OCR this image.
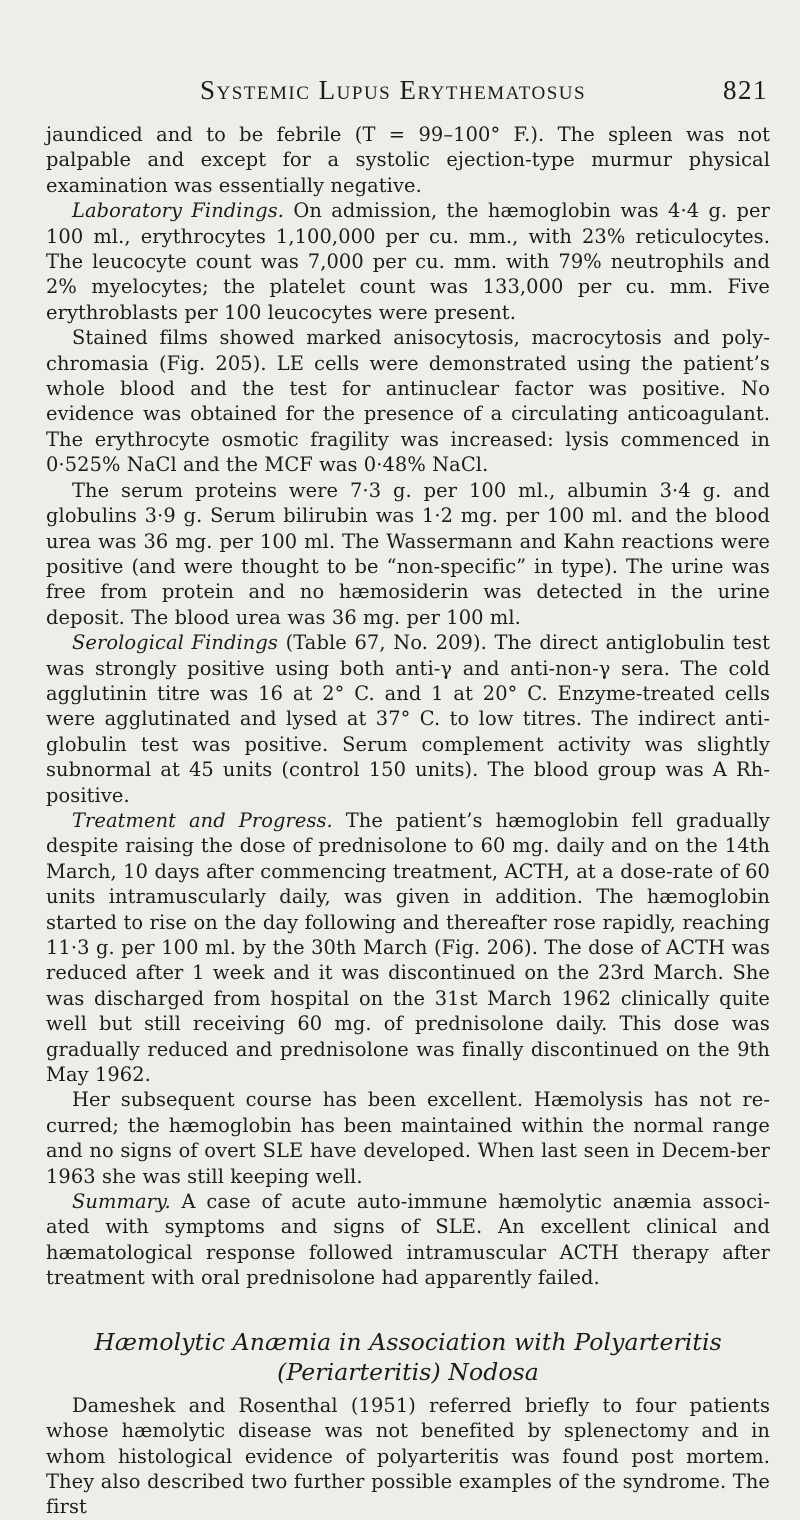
Systemic Lupus Erythematosus	821

jaundiced and to be febrile (T = 99–100° F.). The spleen was not palpable and except for a systolic ejection-type murmur physical examination was essentially negative.

Laboratory Findings. On admission, the hæmoglobin was 4·4 g. per 100 ml., erythrocytes 1,100,000 per cu. mm., with 23% reticulocytes. The leucocyte count was 7,000 per cu. mm. with 79% neutrophils and 2% myelocytes; the platelet count was 133,000 per cu. mm. Five erythroblasts per 100 leucocytes were present.

Stained films showed marked anisocytosis, macrocytosis and poly-chromasia (Fig. 205). LE cells were demonstrated using the patient’s whole blood and the test for antinuclear factor was positive. No evidence was obtained for the presence of a circulating anticoagulant. The erythrocyte osmotic fragility was increased: lysis commenced in 0·525% NaCl and the MCF was 0·48% NaCl.

The serum proteins were 7·3 g. per 100 ml., albumin 3·4 g. and globulins 3·9 g. Serum bilirubin was 1·2 mg. per 100 ml. and the blood urea was 36 mg. per 100 ml. The Wassermann and Kahn reactions were positive (and were thought to be “non-specific” in type). The urine was free from protein and no hæmosiderin was detected in the urine deposit. The blood urea was 36 mg. per 100 ml.

Serological Findings (Table 67, No. 209). The direct antiglobulin test was strongly positive using both anti-γ and anti-non-γ sera. The cold agglutinin titre was 16 at 2° C. and 1 at 20° C. Enzyme-treated cells were agglutinated and lysed at 37° C. to low titres. The indirect anti-globulin test was positive. Serum complement activity was slightly subnormal at 45 units (control 150 units). The blood group was A Rh-positive.

Treatment and Progress. The patient’s hæmoglobin fell gradually despite raising the dose of prednisolone to 60 mg. daily and on the 14th March, 10 days after commencing treatment, ACTH, at a dose-rate of 60 units intramuscularly daily, was given in addition. The hæmoglobin started to rise on the day following and thereafter rose rapidly, reaching 11·3 g. per 100 ml. by the 30th March (Fig. 206). The dose of ACTH was reduced after 1 week and it was discontinued on the 23rd March. She was discharged from hospital on the 31st March 1962 clinically quite well but still receiving 60 mg. of prednisolone daily. This dose was gradually reduced and prednisolone was finally discontinued on the 9th May 1962.

Her subsequent course has been excellent. Hæmolysis has not re-curred; the hæmoglobin has been maintained within the normal range and no signs of overt SLE have developed. When last seen in Decem-ber 1963 she was still keeping well.

Summary. A case of acute auto-immune hæmolytic anæmia associ-ated with symptoms and signs of SLE. An excellent clinical and hæmatological response followed intramuscular ACTH therapy after treatment with oral prednisolone had apparently failed.

Hæmolytic Anæmia in Association with Polyarteritis
(Periarteritis) Nodosa

Dameshek and Rosenthal (1951) referred briefly to four patients whose hæmolytic disease was not benefited by splenectomy and in whom histological evidence of polyarteritis was found post mortem. They also described two further possible examples of the syndrome. The first
